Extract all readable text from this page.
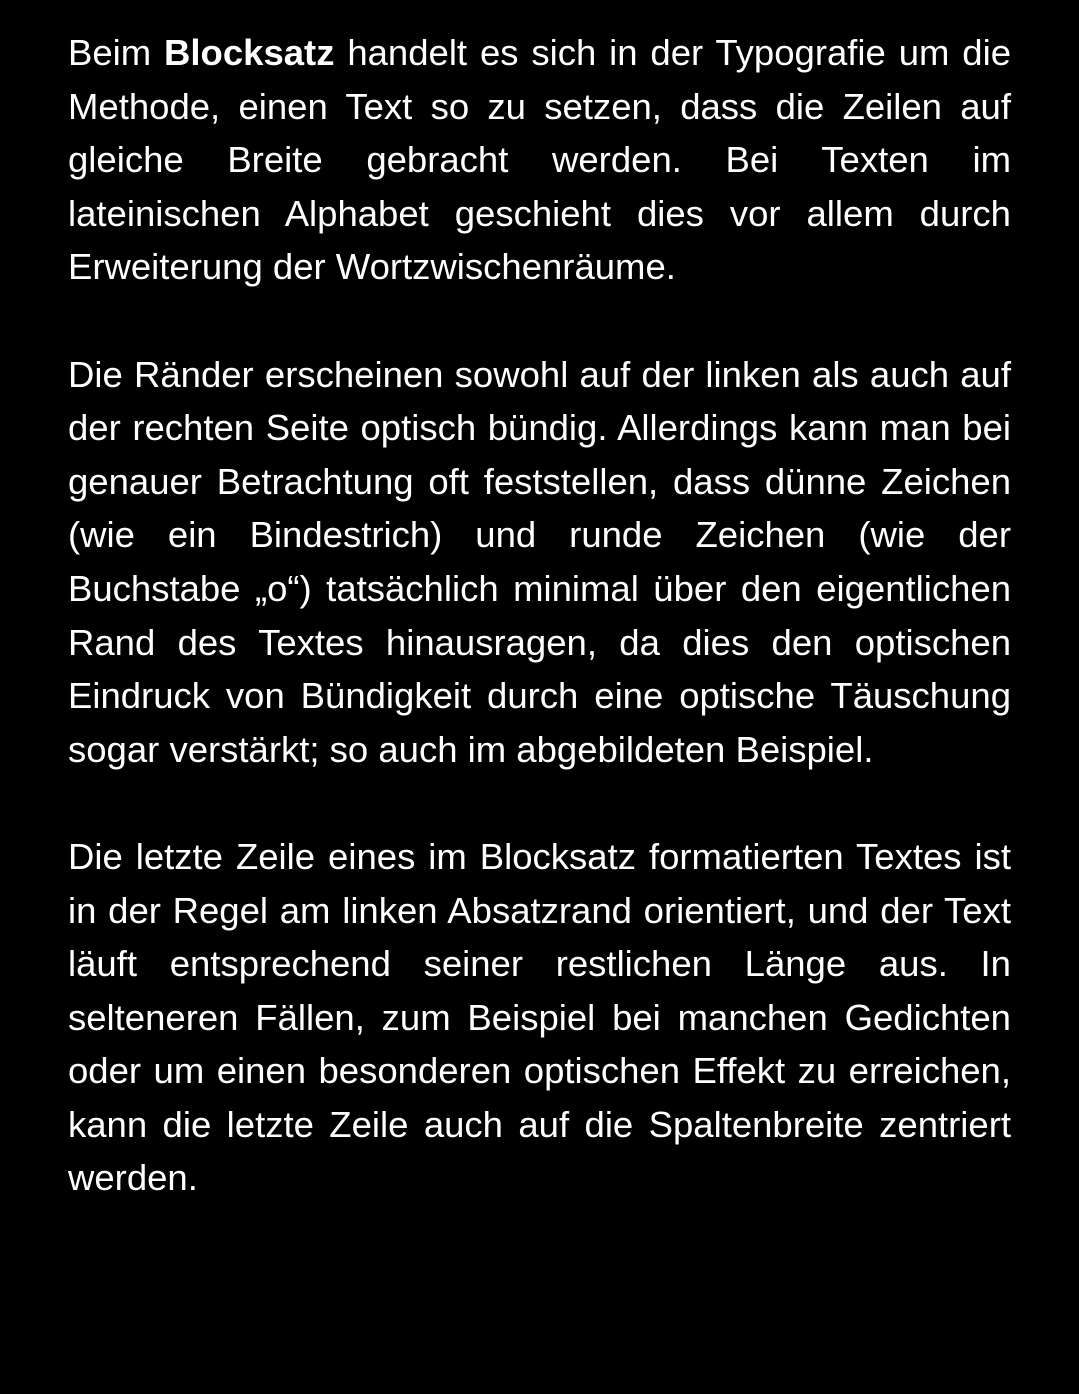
Beim Blocksatz handelt es sich in der Typografie um die Methode, einen Text so zu setzen, dass die Zeilen auf gleiche Breite gebracht werden. Bei Texten im lateinischen Alphabet geschieht dies vor allem durch Erweiterung der Wortzwischenräume.

Die Ränder erscheinen sowohl auf der linken als auch auf der rechten Seite optisch bündig. Allerdings kann man bei genauer Betrachtung oft feststellen, dass dünne Zeichen (wie ein Bindestrich) und runde Zeichen (wie der Buchstabe „o“) tatsächlich minimal über den eigentlichen Rand des Textes hinausragen, da dies den optischen Eindruck von Bündigkeit durch eine optische Täuschung sogar verstärkt; so auch im abgebildeten Beispiel.

Die letzte Zeile eines im Blocksatz formatierten Textes ist in der Regel am linken Absatzrand orientiert, und der Text läuft entsprechend seiner restlichen Länge aus. In selteneren Fällen, zum Beispiel bei manchen Gedichten oder um einen besonderen optischen Effekt zu erreichen, kann die letzte Zeile auch auf die Spaltenbreite zentriert werden.
